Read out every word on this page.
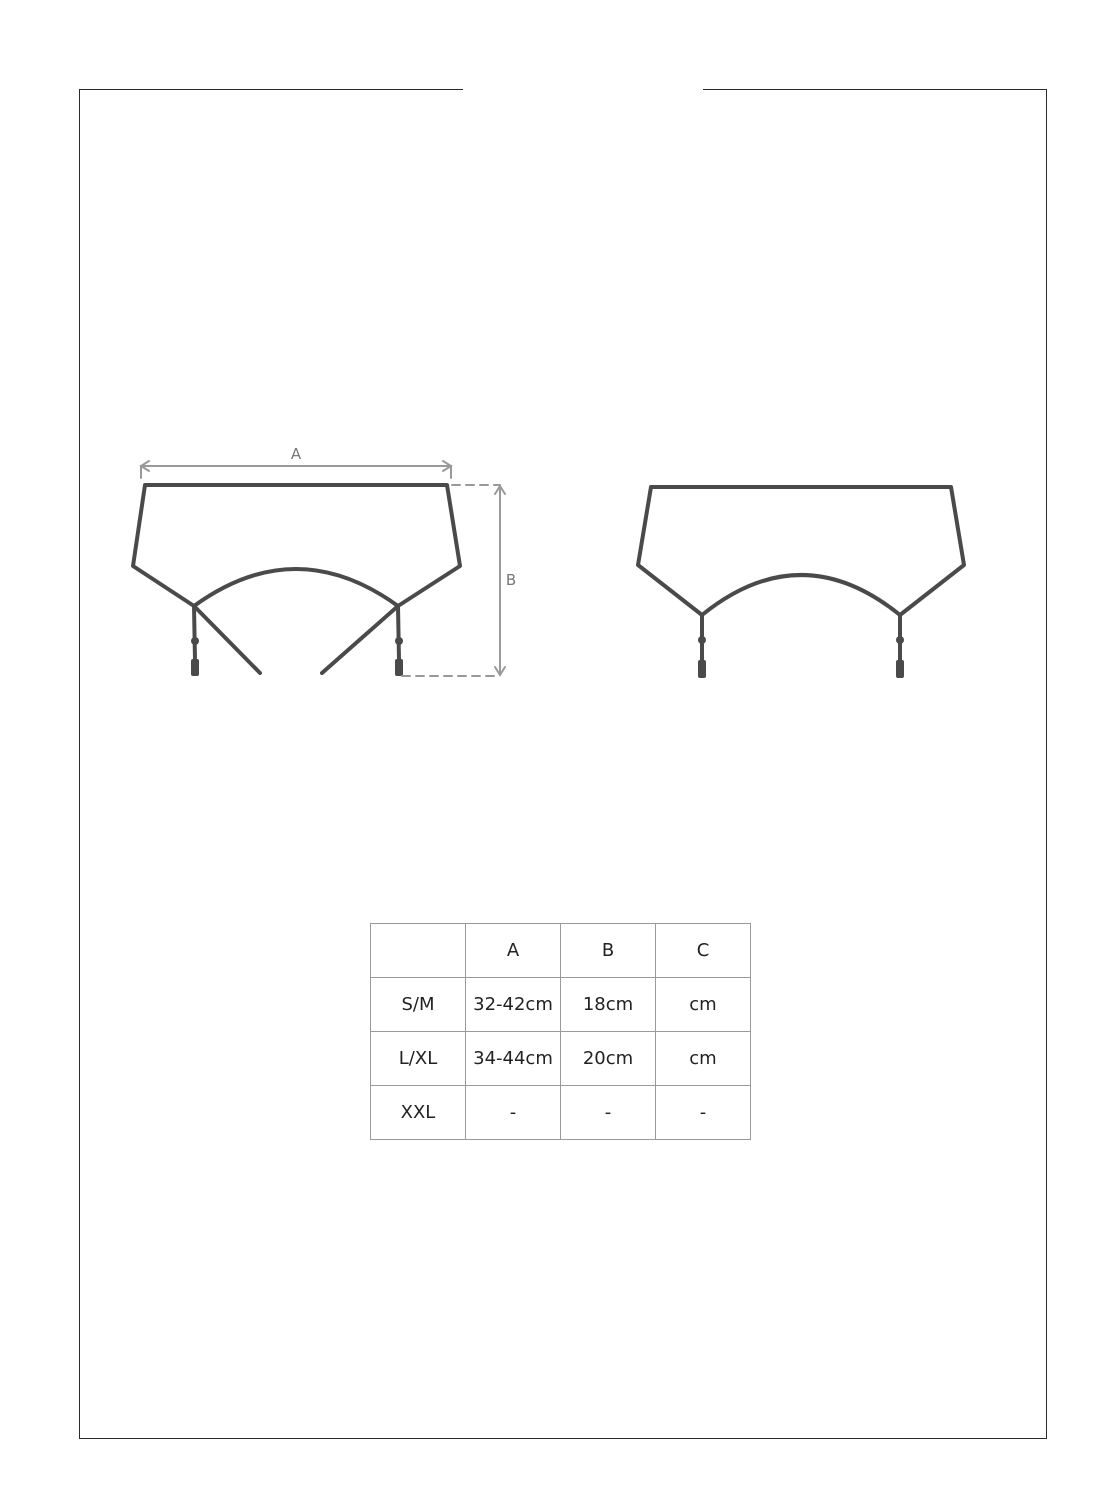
A
B
	A	B	C
S/M	32-42cm	18cm	cm
L/XL	34-44cm	20cm	cm
XXL	-	-	-
